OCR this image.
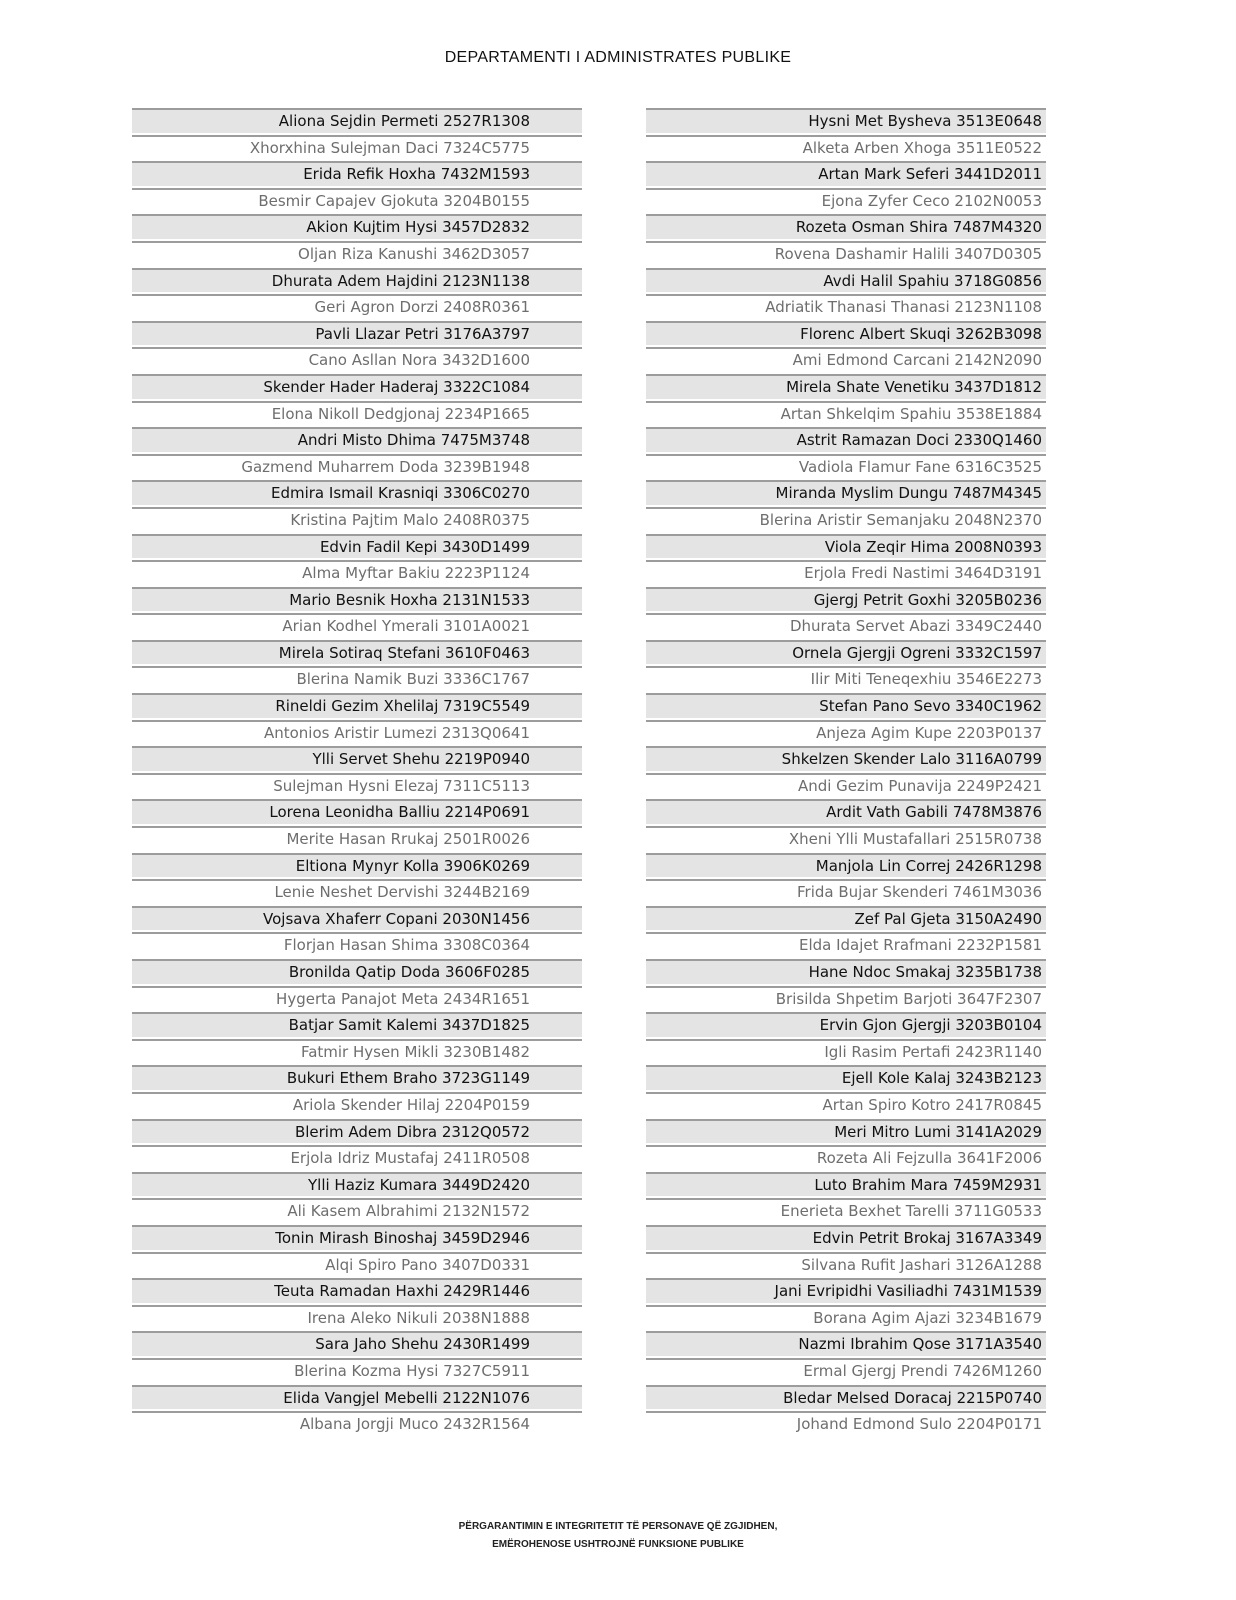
DEPARTAMENTI I ADMINISTRATES PUBLIKE
Aliona Sejdin Permeti 2527R1308
Xhorxhina Sulejman Daci 7324C5775
Erida Refik Hoxha 7432M1593
Besmir Capajev Gjokuta 3204B0155
Akion Kujtim Hysi 3457D2832
Oljan Riza Kanushi 3462D3057
Dhurata Adem Hajdini 2123N1138
Geri Agron Dorzi 2408R0361
Pavli Llazar Petri 3176A3797
Cano Asllan Nora 3432D1600
Skender Hader Haderaj 3322C1084
Elona Nikoll Dedgjonaj 2234P1665
Andri Misto Dhima 7475M3748
Gazmend Muharrem Doda 3239B1948
Edmira Ismail Krasniqi 3306C0270
Kristina Pajtim Malo 2408R0375
Edvin Fadil Kepi 3430D1499
Alma Myftar Bakiu 2223P1124
Mario Besnik Hoxha 2131N1533
Arian Kodhel Ymerali 3101A0021
Mirela Sotiraq Stefani 3610F0463
Blerina Namik Buzi 3336C1767
Rineldi Gezim Xhelilaj 7319C5549
Antonios Aristir Lumezi 2313Q0641
Ylli Servet Shehu 2219P0940
Sulejman Hysni Elezaj 7311C5113
Lorena Leonidha Balliu 2214P0691
Merite Hasan Rrukaj 2501R0026
Eltiona Mynyr Kolla 3906K0269
Lenie Neshet Dervishi 3244B2169
Vojsava Xhaferr Copani 2030N1456
Florjan Hasan Shima 3308C0364
Bronilda Qatip Doda 3606F0285
Hygerta Panajot Meta 2434R1651
Batjar Samit Kalemi 3437D1825
Fatmir Hysen Mikli 3230B1482
Bukuri Ethem Braho 3723G1149
Ariola Skender Hilaj 2204P0159
Blerim Adem Dibra 2312Q0572
Erjola Idriz Mustafaj 2411R0508
Ylli Haziz Kumara 3449D2420
Ali Kasem Albrahimi 2132N1572
Tonin Mirash Binoshaj 3459D2946
Alqi Spiro Pano 3407D0331
Teuta Ramadan Haxhi 2429R1446
Irena Aleko Nikuli 2038N1888
Sara Jaho Shehu 2430R1499
Blerina Kozma Hysi 7327C5911
Elida Vangjel Mebelli 2122N1076
Albana Jorgji Muco 2432R1564
Hysni Met Bysheva 3513E0648
Alketa Arben Xhoga 3511E0522
Artan Mark Seferi 3441D2011
Ejona Zyfer Ceco 2102N0053
Rozeta Osman Shira 7487M4320
Rovena Dashamir Halili 3407D0305
Avdi Halil Spahiu 3718G0856
Adriatik Thanasi Thanasi 2123N1108
Florenc Albert Skuqi 3262B3098
Ami Edmond Carcani 2142N2090
Mirela Shate Venetiku 3437D1812
Artan Shkelqim Spahiu 3538E1884
Astrit Ramazan Doci 2330Q1460
Vadiola Flamur Fane 6316C3525
Miranda Myslim Dungu 7487M4345
Blerina Aristir Semanjaku 2048N2370
Viola Zeqir Hima 2008N0393
Erjola Fredi Nastimi 3464D3191
Gjergj Petrit Goxhi 3205B0236
Dhurata Servet Abazi 3349C2440
Ornela Gjergji Ogreni 3332C1597
Ilir Miti Teneqexhiu 3546E2273
Stefan Pano Sevo 3340C1962
Anjeza Agim Kupe 2203P0137
Shkelzen Skender Lalo 3116A0799
Andi Gezim Punavija 2249P2421
Ardit Vath Gabili 7478M3876
Xheni Ylli Mustafallari 2515R0738
Manjola Lin Correj 2426R1298
Frida Bujar Skenderi 7461M3036
Zef Pal Gjeta 3150A2490
Elda Idajet Rrafmani 2232P1581
Hane Ndoc Smakaj 3235B1738
Brisilda Shpetim Barjoti 3647F2307
Ervin Gjon Gjergji 3203B0104
Igli Rasim Pertafi 2423R1140
Ejell Kole Kalaj 3243B2123
Artan Spiro Kotro 2417R0845
Meri Mitro Lumi 3141A2029
Rozeta Ali Fejzulla 3641F2006
Luto Brahim Mara 7459M2931
Enerieta Bexhet Tarelli 3711G0533
Edvin Petrit Brokaj 3167A3349
Silvana Rufit Jashari 3126A1288
Jani Evripidhi Vasiliadhi 7431M1539
Borana Agim Ajazi 3234B1679
Nazmi Ibrahim Qose 3171A3540
Ermal Gjergj Prendi 7426M1260
Bledar Melsed Doracaj 2215P0740
Johand Edmond Sulo 2204P0171
PËRGARANTIMIN E INTEGRITETIT TË PERSONAVE QË ZGJIDHEN,
EMËROHENOSE USHTROJNË FUNKSIONE PUBLIKE
